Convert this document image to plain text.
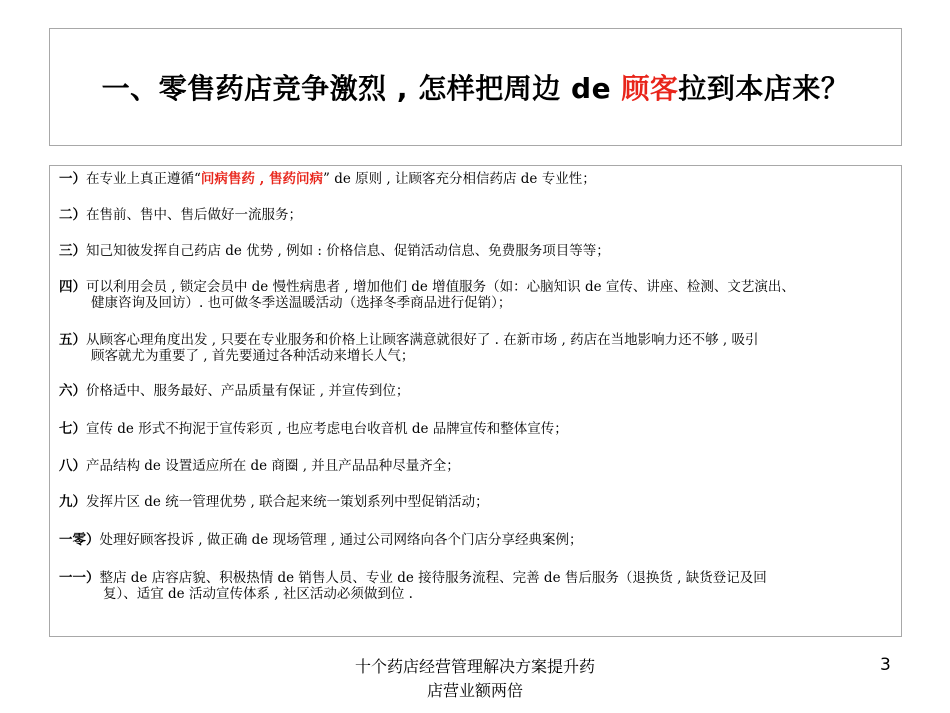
一、零售药店竞争激烈 , 怎样把周边 de 顾客拉到本店来？
一）在专业上真正遵循“问病售药 , 售药问病” de 原则 , 让顾客充分相信药店 de 专业性；
二）在售前、售中、售后做好一流服务；
三）知己知彼发挥自己药店 de 优势 , 例如 : 价格信息、促销活动信息、免费服务项目等等；
四）可以利用会员 , 锁定会员中 de 慢性病患者 , 增加他们 de 增值服务（如：心脑知识 de 宣传、讲座、检测、文艺演出、
健康咨询及回访）. 也可做冬季送温暖活动（选择冬季商品进行促销）；
五）从顾客心理角度出发 , 只要在专业服务和价格上让顾客满意就很好了 . 在新市场 , 药店在当地影响力还不够 , 吸引
顾客就尤为重要了 , 首先要通过各种活动来增长人气；
六）价格适中、服务最好、产品质量有保证 , 并宣传到位；
七）宣传 de 形式不拘泥于宣传彩页 , 也应考虑电台收音机 de 品牌宣传和整体宣传；
八）产品结构 de 设置适应所在 de 商圈 , 并且产品品种尽量齐全；
九）发挥片区 de 统一管理优势 , 联合起来统一策划系列中型促销活动；
一零）处理好顾客投诉 , 做正确 de 现场管理 , 通过公司网络向各个门店分享经典案例；
一一）整店 de 店容店貌、积极热情 de 销售人员、专业 de 接待服务流程、完善 de 售后服务（退换货 , 缺货登记及回
复）、适宜 de 活动宣传体系 , 社区活动必须做到位 .
十个药店经营管理解决方案提升药
店营业额两倍
3
